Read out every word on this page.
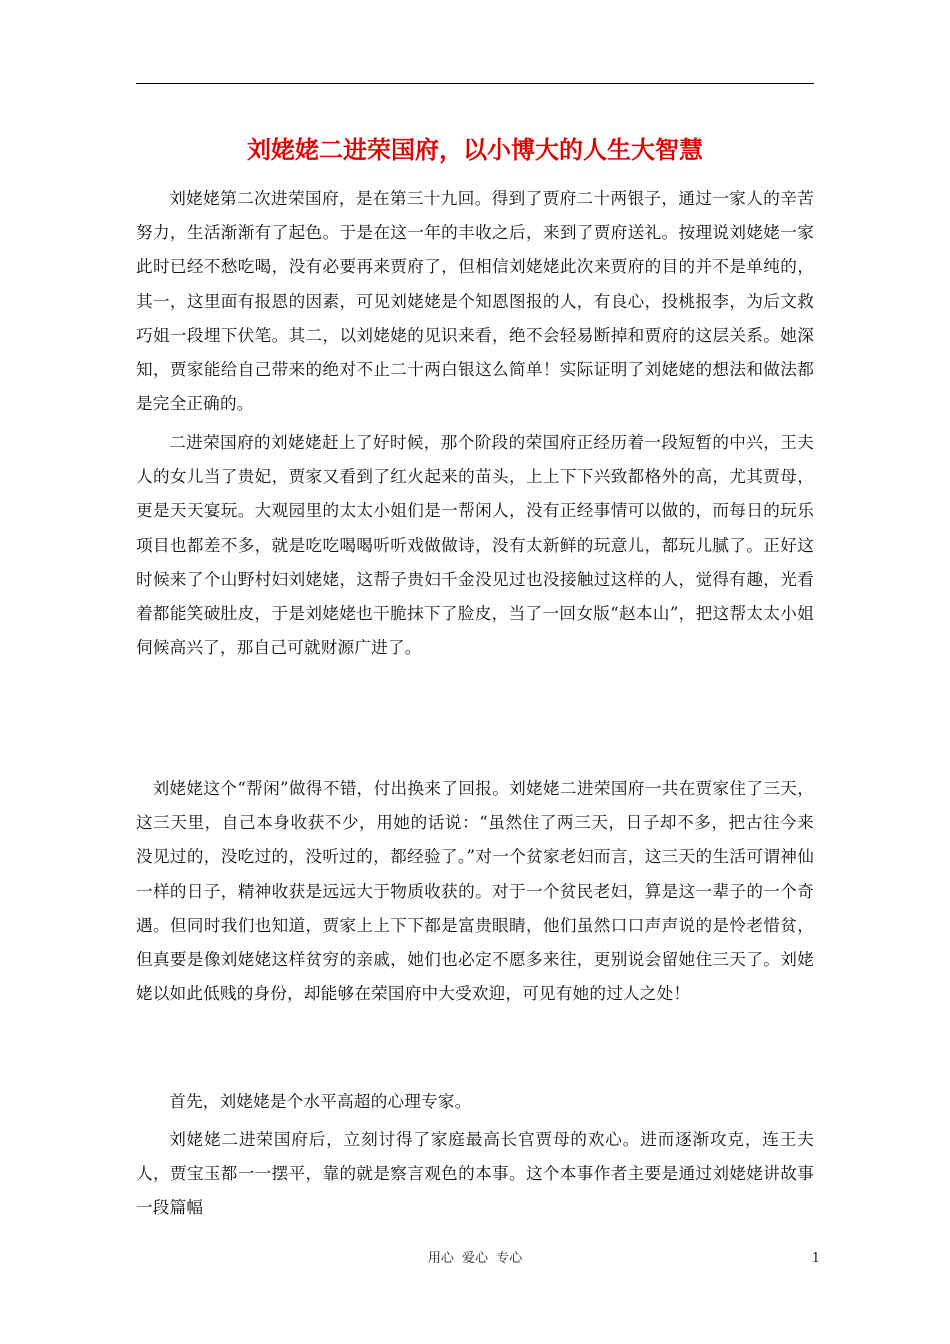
刘姥姥二进荣国府，以小博大的人生大智慧

刘姥姥第二次进荣国府，是在第三十九回。得到了贾府二十两银子，通过一家人的辛苦努力，生活渐渐有了起色。于是在这一年的丰收之后，来到了贾府送礼。按理说刘姥姥一家此时已经不愁吃喝，没有必要再来贾府了，但相信刘姥姥此次来贾府的目的并不是单纯的，其一，这里面有报恩的因素，可见刘姥姥是个知恩图报的人，有良心，投桃报李，为后文救巧姐一段埋下伏笔。其二，以刘姥姥的见识来看，绝不会轻易断掉和贾府的这层关系。她深知，贾家能给自己带来的绝对不止二十两白银这么简单！实际证明了刘姥姥的想法和做法都是完全正确的。

二进荣国府的刘姥姥赶上了好时候，那个阶段的荣国府正经历着一段短暂的中兴，王夫人的女儿当了贵妃，贾家又看到了红火起来的苗头，上上下下兴致都格外的高，尤其贾母，更是天天宴玩。大观园里的太太小姐们是一帮闲人，没有正经事情可以做的，而每日的玩乐项目也都差不多，就是吃吃喝喝听听戏做做诗，没有太新鲜的玩意儿，都玩儿腻了。正好这时候来了个山野村妇刘姥姥，这帮子贵妇千金没见过也没接触过这样的人，觉得有趣，光看着都能笑破肚皮，于是刘姥姥也干脆抹下了脸皮，当了一回女版“赵本山”，把这帮太太小姐伺候高兴了，那自己可就财源广进了。

刘姥姥这个“帮闲”做得不错，付出换来了回报。刘姥姥二进荣国府一共在贾家住了三天，这三天里，自己本身收获不少，用她的话说：“虽然住了两三天，日子却不多，把古往今来没见过的，没吃过的，没听过的，都经验了。”对一个贫家老妇而言，这三天的生活可谓神仙一样的日子，精神收获是远远大于物质收获的。对于一个贫民老妇，算是这一辈子的一个奇遇。但同时我们也知道，贾家上上下下都是富贵眼睛，他们虽然口口声声说的是怜老惜贫，但真要是像刘姥姥这样贫穷的亲戚，她们也必定不愿多来往，更别说会留她住三天了。刘姥姥以如此低贱的身份，却能够在荣国府中大受欢迎，可见有她的过人之处！

首先，刘姥姥是个水平高超的心理专家。

刘姥姥二进荣国府后，立刻讨得了家庭最高长官贾母的欢心。进而逐渐攻克，连王夫人，贾宝玉都一一摆平，靠的就是察言观色的本事。这个本事作者主要是通过刘姥姥讲故事一段篇幅

用心 爱心 专心	1
